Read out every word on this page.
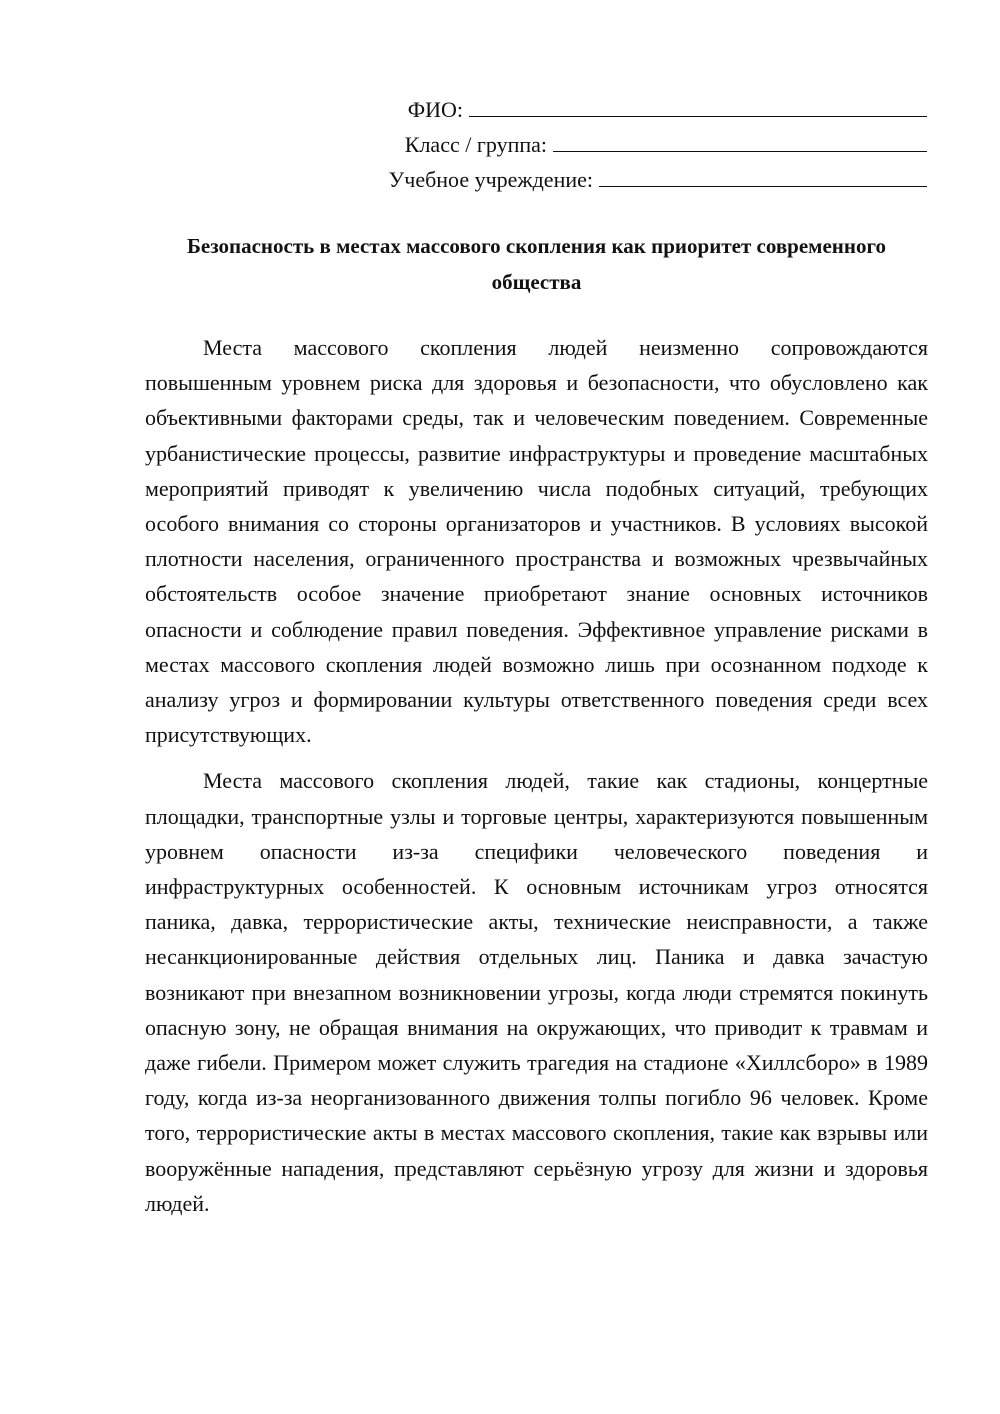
ФИО:
Класс / группа:
Учебное учреждение:
Безопасность в местах массового скопления как приоритет современного общества

Места массового скопления людей неизменно сопровождаются повышенным уровнем риска для здоровья и безопасности, что обусловлено как объективными факторами среды, так и человеческим поведением. Современные урбанистические процессы, развитие инфраструктуры и проведение масштабных мероприятий приводят к увеличению числа подобных ситуаций, требующих особого внимания со стороны организаторов и участников. В условиях высокой плотности населения, ограниченного пространства и возможных чрезвычайных обстоятельств особое значение приобретают знание основных источников опасности и соблюдение правил поведения. Эффективное управление рисками в местах массового скопления людей возможно лишь при осознанном подходе к анализу угроз и формировании культуры ответственного поведения среди всех присутствующих.

Места массового скопления людей, такие как стадионы, концертные площадки, транспортные узлы и торговые центры, характеризуются повышенным уровнем опасности из-за специфики человеческого поведения и инфраструктурных особенностей. К основным источникам угроз относятся паника, давка, террористические акты, технические неисправности, а также несанкционированные действия отдельных лиц. Паника и давка зачастую возникают при внезапном возникновении угрозы, когда люди стремятся покинуть опасную зону, не обращая внимания на окружающих, что приводит к травмам и даже гибели. Примером может служить трагедия на стадионе «Хиллсборо» в 1989 году, когда из-за неорганизованного движения толпы погибло 96 человек. Кроме того, террористические акты в местах массового скопления, такие как взрывы или вооружённые нападения, представляют серьёзную угрозу для жизни и здоровья людей.
